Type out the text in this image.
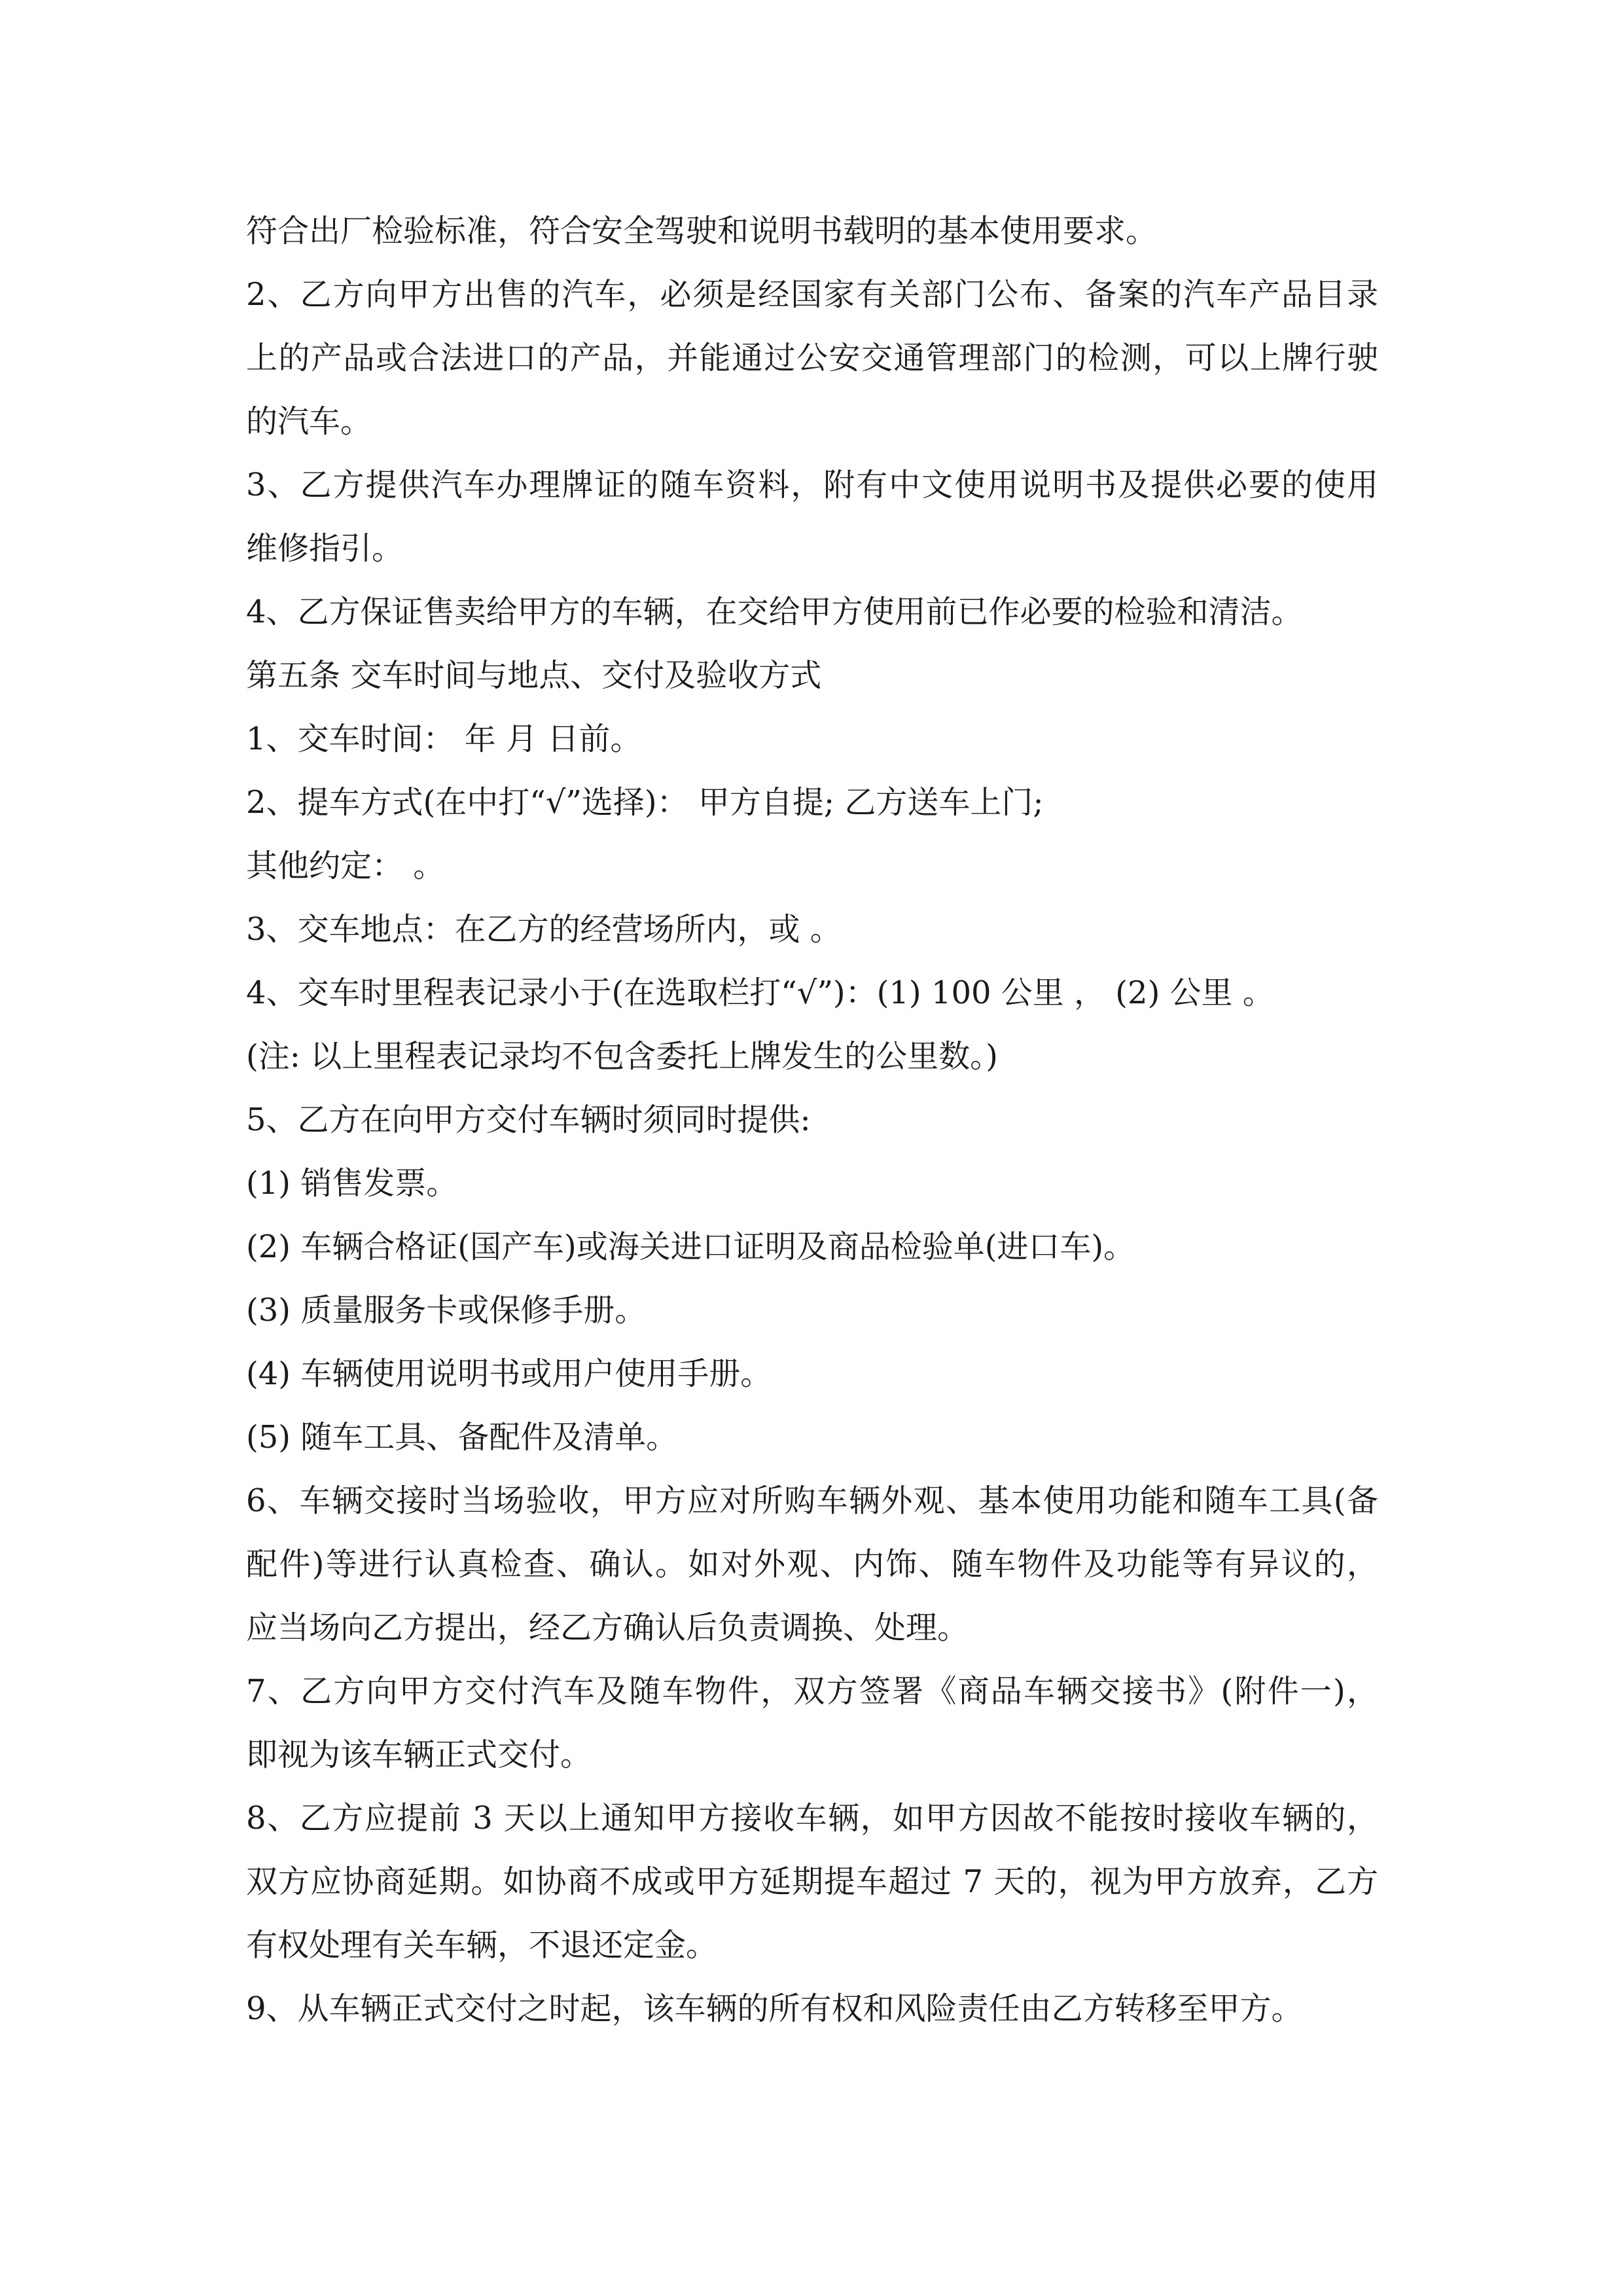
符合出厂检验标准，符合安全驾驶和说明书载明的基本使用要求。
2、乙方向甲方出售的汽车，必须是经国家有关部门公布、备案的汽车产品目录
上的产品或合法进口的产品，并能通过公安交通管理部门的检测，可以上牌行驶
的汽车。
3、乙方提供汽车办理牌证的随车资料，附有中文使用说明书及提供必要的使用
维修指引。
4、乙方保证售卖给甲方的车辆，在交给甲方使用前已作必要的检验和清洁。
第五条 交车时间与地点、交付及验收方式
1、交车时间： 年 月 日前。
2、提车方式(在中打“√”选择)： 甲方自提; 乙方送车上门;
其他约定： 。
3、交车地点：在乙方的经营场所内，或 。
4、交车时里程表记录小于(在选取栏打“√”)：(1) 100 公里 ， (2) 公里 。
(注: 以上里程表记录均不包含委托上牌发生的公里数。)
5、乙方在向甲方交付车辆时须同时提供:
(1) 销售发票。
(2) 车辆合格证(国产车)或海关进口证明及商品检验单(进口车)。
(3) 质量服务卡或保修手册。
(4) 车辆使用说明书或用户使用手册。
(5) 随车工具、备配件及清单。
6、车辆交接时当场验收，甲方应对所购车辆外观、基本使用功能和随车工具(备
配件)等进行认真检查、确认。如对外观、内饰、随车物件及功能等有异议的，
应当场向乙方提出，经乙方确认后负责调换、处理。
7、乙方向甲方交付汽车及随车物件，双方签署《商品车辆交接书》(附件一)，
即视为该车辆正式交付。
8、乙方应提前 3 天以上通知甲方接收车辆，如甲方因故不能按时接收车辆的，
双方应协商延期。如协商不成或甲方延期提车超过 7 天的，视为甲方放弃，乙方
有权处理有关车辆，不退还定金。
9、从车辆正式交付之时起，该车辆的所有权和风险责任由乙方转移至甲方。
